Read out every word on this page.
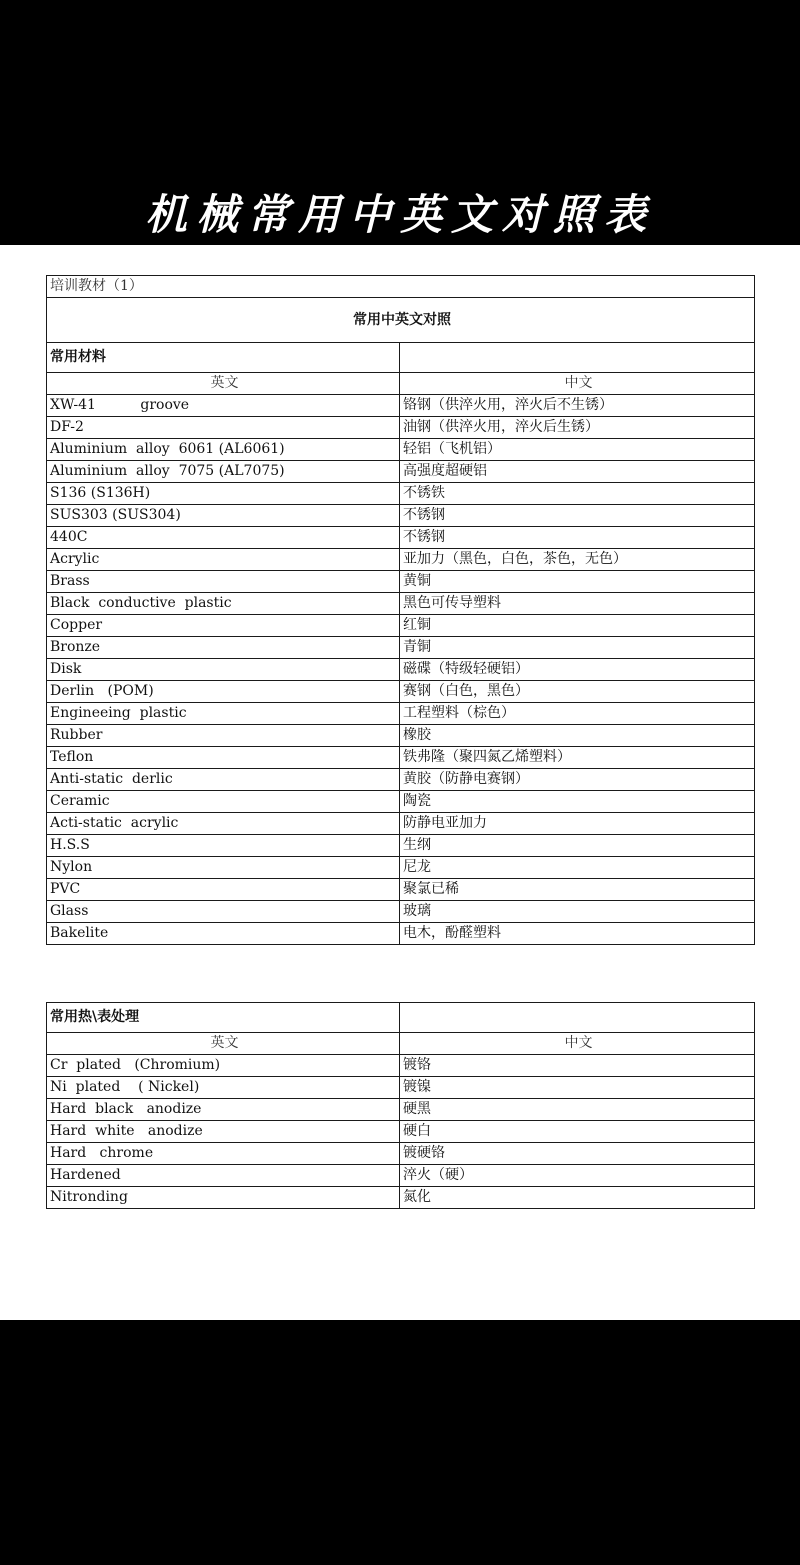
机械常用中英文对照表
培训教材（1）	
常用中英文对照	
常用材料	
英文	中文
XW-41          groove	铬钢（供淬火用，淬火后不生锈）
DF-2	油钢（供淬火用，淬火后生锈）
Aluminium  alloy  6061 (AL6061)	轻铝（飞机铝）
Aluminium  alloy  7075 (AL7075)	高强度超硬铝
S136 (S136H)	不锈铁
SUS303 (SUS304)	不锈钢
440C	不锈钢
Acrylic	亚加力（黑色，白色，茶色，无色）
Brass	黄铜
Black  conductive  plastic	黑色可传导塑料
Copper	红铜
Bronze	青铜
Disk	磁碟（特级轻硬铝）
Derlin   (POM)	赛钢（白色，黑色）
Engineeing  plastic	工程塑料（棕色）
Rubber	橡胶
Teflon	铁弗隆（聚四氮乙烯塑料）
Anti-static  derlic	黄胶（防静电赛钢）
Ceramic	陶瓷
Acti-static  acrylic	防静电亚加力
H.S.S	生纲
Nylon	尼龙
PVC	聚氯已稀
Glass	玻璃
Bakelite	电木，酚醛塑料
常用热\表处理	
英文	中文
Cr  plated   (Chromium)	镀铬
Ni  plated    ( Nickel)	镀镍
Hard  black   anodize	硬黑
Hard  white   anodize	硬白
Hard   chrome	镀硬铬
Hardened	淬火（硬）
Nitronding	氮化
